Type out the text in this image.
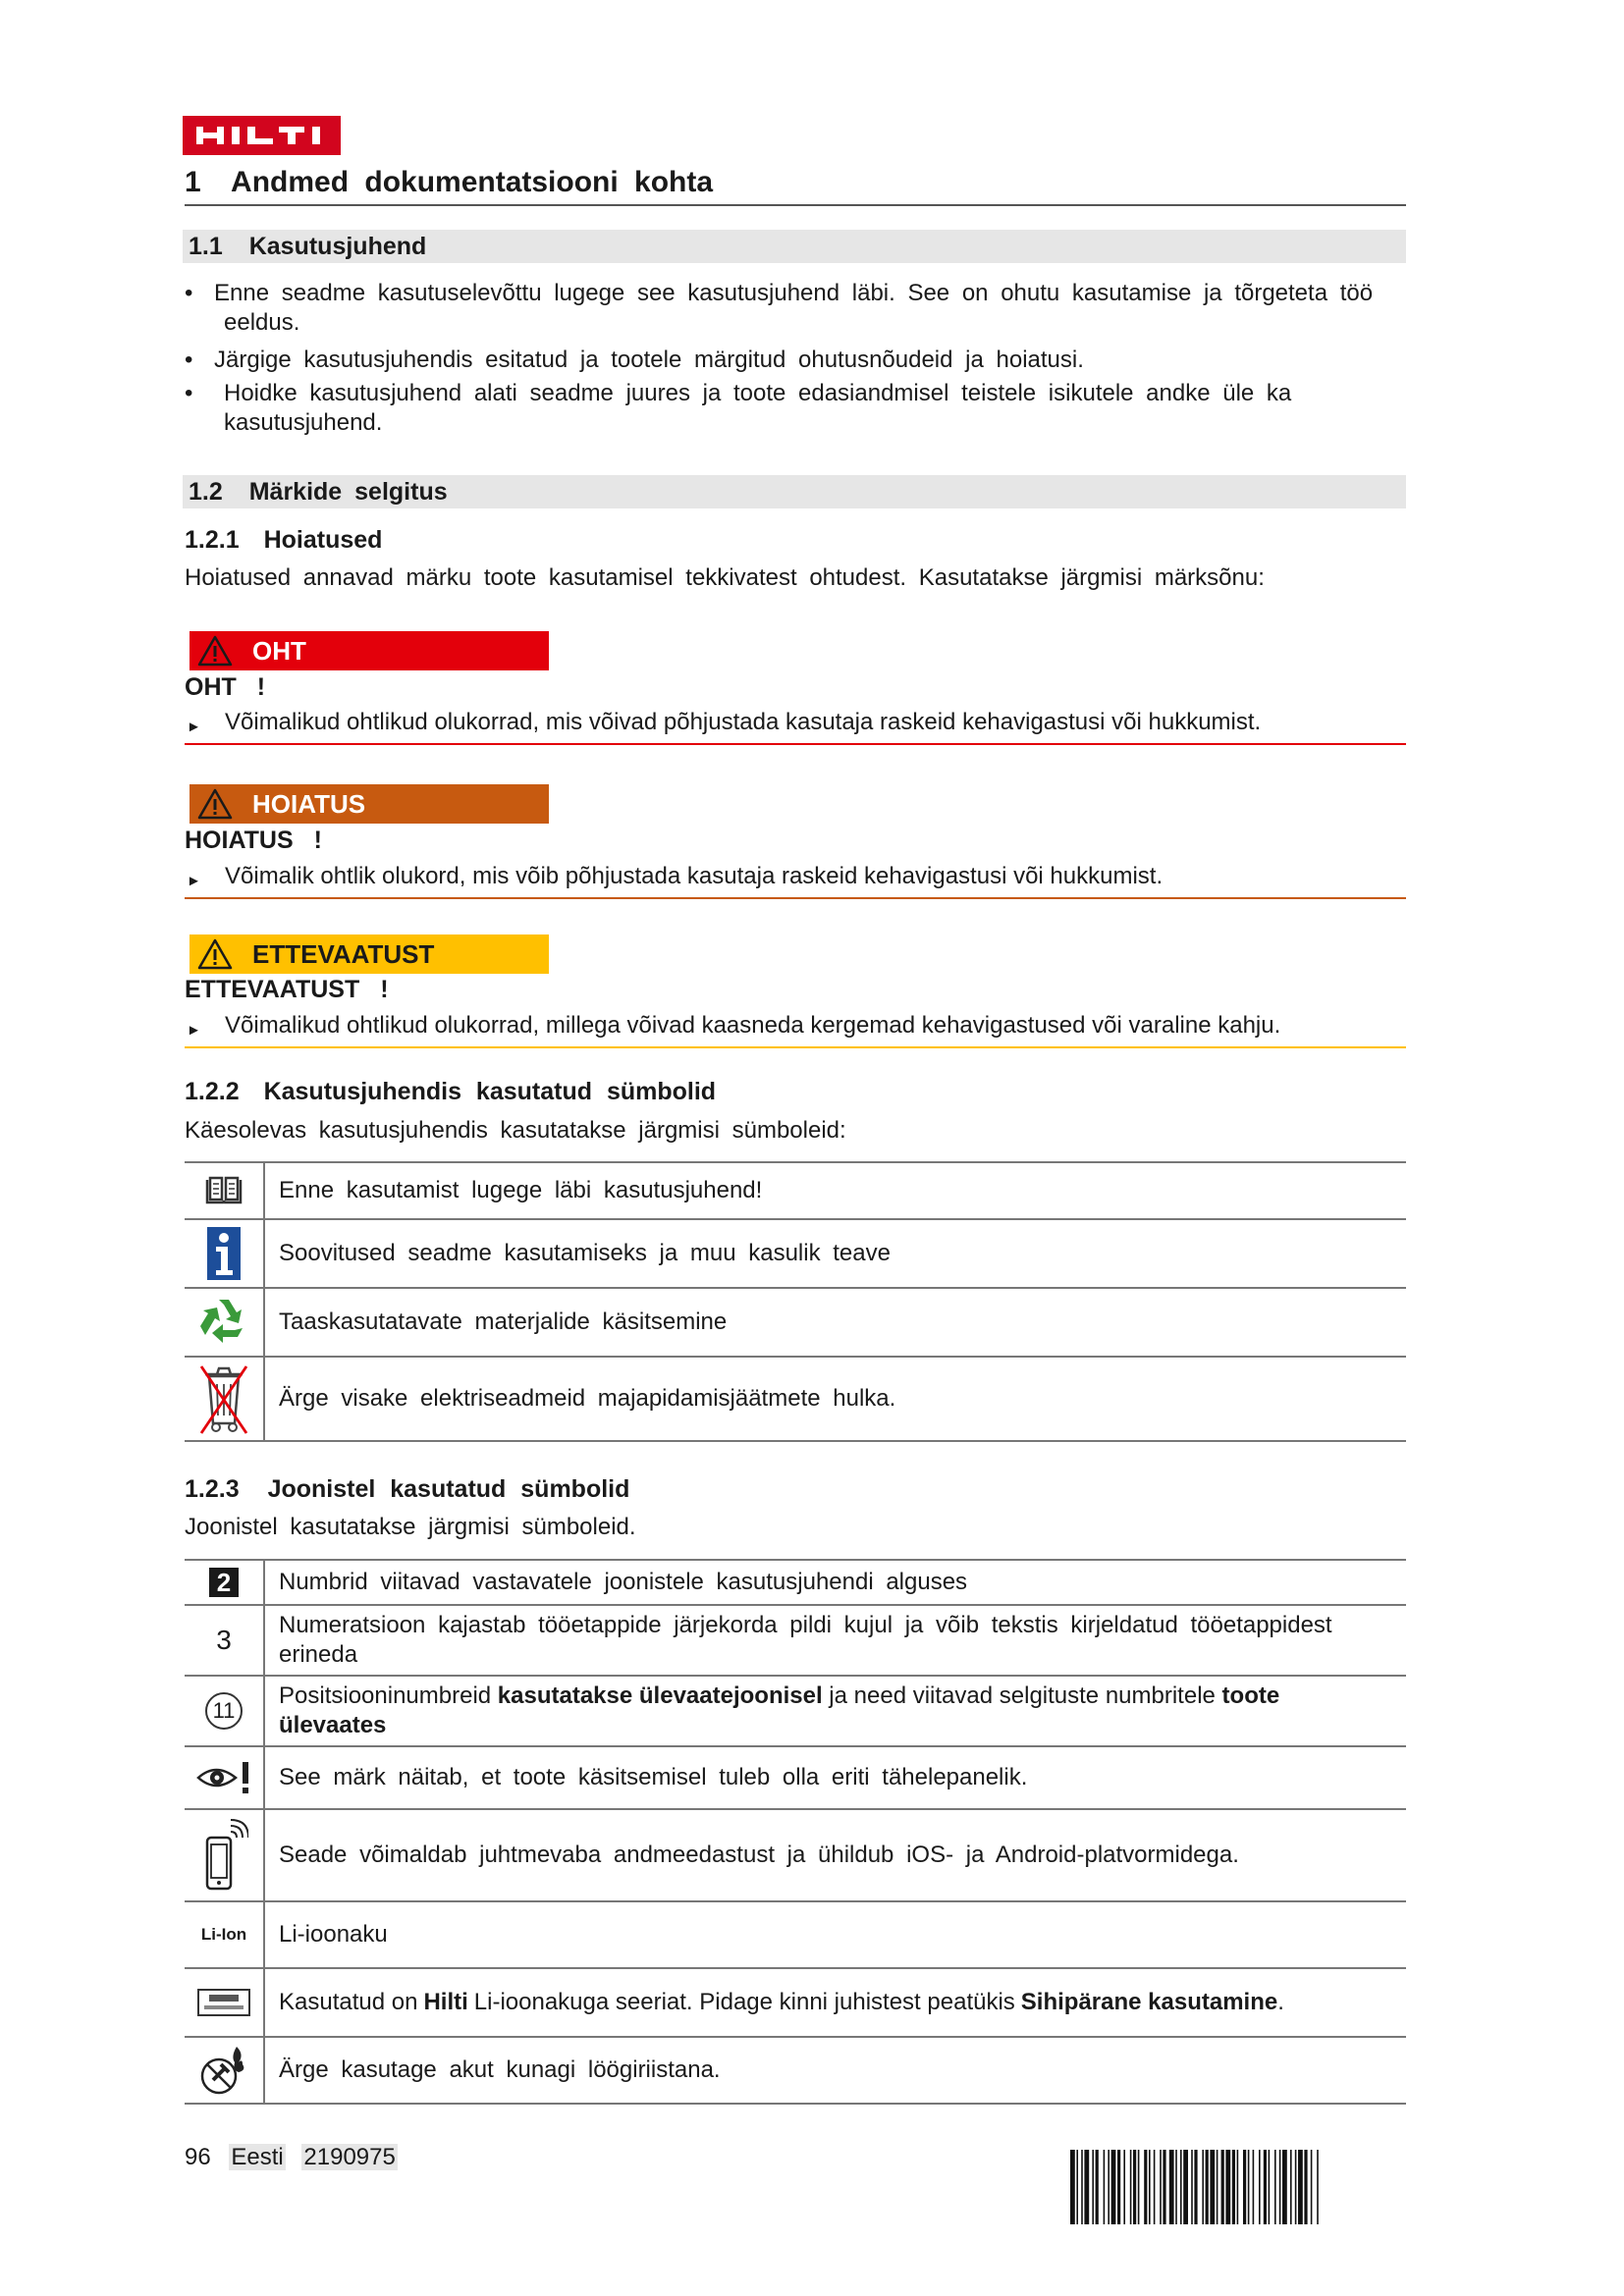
1 Andmed dokumentatsiooni kohta
1.1 Kasutusjuhend
• Enne seadme kasutuselevõttu lugege see kasutusjuhend läbi. See on ohutu kasutamise ja tõrgeteta töö
eeldus.
• Järgige kasutusjuhendis esitatud ja tootele märgitud ohutusnõudeid ja hoiatusi.
• Hoidke kasutusjuhend alati seadme juures ja toote edasiandmisel teistele isikutele andke üle ka
kasutusjuhend.
1.2 Märkide selgitus
1.2.1 Hoiatused
Hoiatused annavad märku toote kasutamisel tekkivatest ohtudest. Kasutatakse järgmisi märksõnu:
OHT
OHT !
► Võimalikud ohtlikud olukorrad, mis võivad põhjustada kasutaja raskeid kehavigastusi või hukkumist.
HOIATUS
HOIATUS !
► Võimalik ohtlik olukord, mis võib põhjustada kasutaja raskeid kehavigastusi või hukkumist.
ETTEVAATUST
ETTEVAATUST !
► Võimalikud ohtlikud olukorrad, millega võivad kaasneda kergemad kehavigastused või varaline kahju.
1.2.2 Kasutusjuhendis kasutatud sümbolid
Käesolevas kasutusjuhendis kasutatakse järgmisi sümboleid:
Enne kasutamist lugege läbi kasutusjuhend!
Soovitused seadme kasutamiseks ja muu kasulik teave
Taaskasutatavate materjalide käsitsemine
Ärge visake elektriseadmeid majapidamisjäätmete hulka.
1.2.3 Joonistel kasutatud sümbolid
Joonistel kasutatakse järgmisi sümboleid.
2	Numbrid viitavad vastavatele joonistele kasutusjuhendi alguses
3 Numeratsioon kajastab tööetappide järjekorda pildi kujul ja võib tekstis kirjeldatud tööetappidest
erineda
11
Positsiooninumbreid kasutatakse ülevaatejoonisel ja need viitavad selgituste numbritele toote
ülevaates
See märk näitab, et toote käsitsemisel tuleb olla eriti tähelepanelik.
Seade võimaldab juhtmevaba andmeedastust ja ühildub iOS- ja Android-platvormidega.
Li-Ion Li-ioonaku
Kasutatud on Hilti Li-ioonakuga seeriat. Pidage kinni juhistest peatükis Sihipärane kasutamine .
Ärge kasutage akut kunagi löögiriistana.
96 Eesti 2190975
